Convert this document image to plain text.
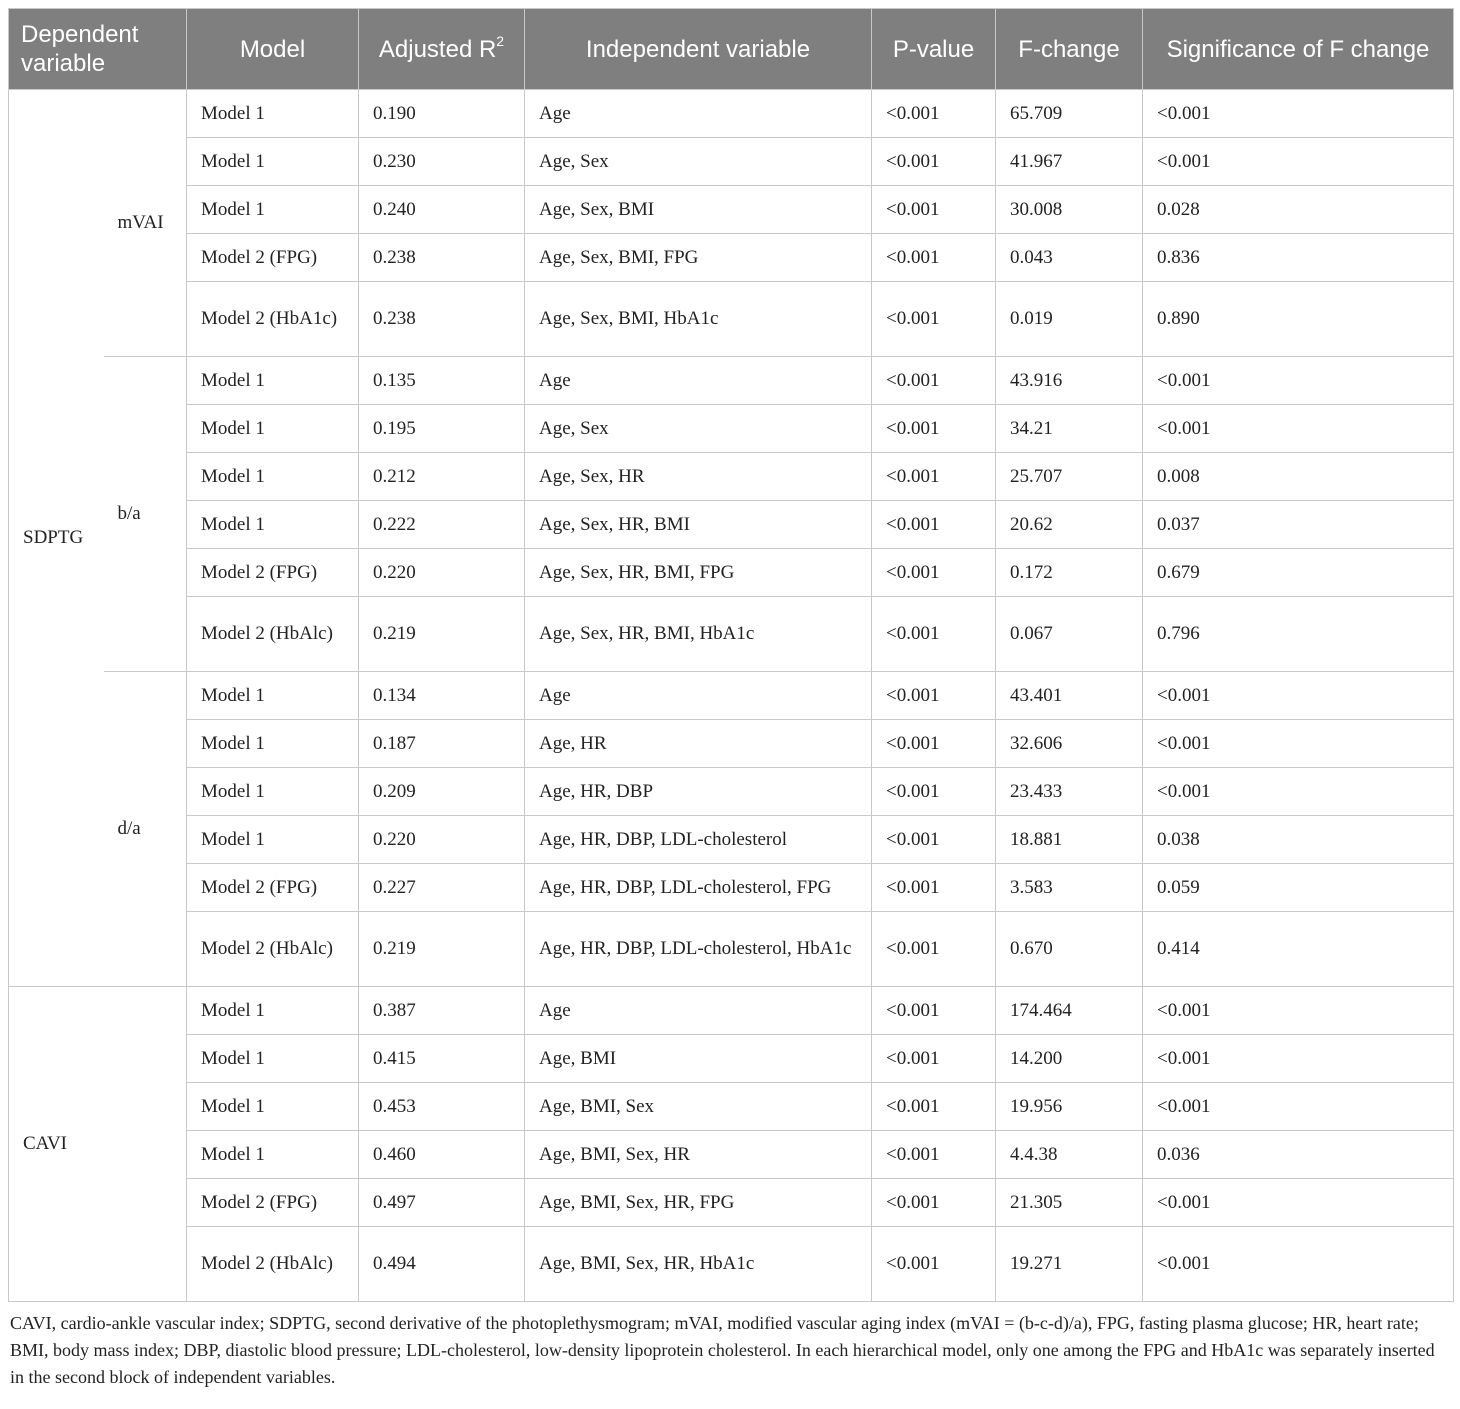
Dependent variable		Model	Adjusted $R^2$	Independent variable	P-value	F-change	Significance of F change
SDPTG	mVAI	Model 1	0.190	Age	<0.001	65.709	<0.001
		Model 1	0.230	Age, Sex	<0.001	41.967	<0.001
		Model 1	0.240	Age, Sex, BMI	<0.001	30.008	0.028
		Model 2 (FPG)	0.238	Age, Sex, BMI, FPG	<0.001	0.043	0.836
		Model 2 (HbA1c)	0.238	Age, Sex, BMI, HbA1c	<0.001	0.019	0.890
	b/a	Model 1	0.135	Age	<0.001	43.916	<0.001
		Model 1	0.195	Age, Sex	<0.001	34.21	<0.001
		Model 1	0.212	Age, Sex, HR	<0.001	25.707	0.008
		Model 1	0.222	Age, Sex, HR, BMI	<0.001	20.62	0.037
		Model 2 (FPG)	0.220	Age, Sex, HR, BMI, FPG	<0.001	0.172	0.679
		Model 2 (HbAlc)	0.219	Age, Sex, HR, BMI, HbA1c	<0.001	0.067	0.796
	d/a	Model 1	0.134	Age	<0.001	43.401	<0.001
		Model 1	0.187	Age, HR	<0.001	32.606	<0.001
		Model 1	0.209	Age, HR, DBP	<0.001	23.433	<0.001
		Model 1	0.220	Age, HR, DBP, LDL-cholesterol	<0.001	18.881	0.038
		Model 2 (FPG)	0.227	Age, HR, DBP, LDL-cholesterol, FPG	<0.001	3.583	0.059
		Model 2 (HbAlc)	0.219	Age, HR, DBP, LDL-cholesterol, HbA1c	<0.001	0.670	0.414
CAVI		Model 1	0.387	Age	<0.001	174.464	<0.001
		Model 1	0.415	Age, BMI	<0.001	14.200	<0.001
		Model 1	0.453	Age, BMI, Sex	<0.001	19.956	<0.001
		Model 1	0.460	Age, BMI, Sex, HR	<0.001	4.4.38	0.036
		Model 2 (FPG)	0.497	Age, BMI, Sex, HR, FPG	<0.001	21.305	<0.001
		Model 2 (HbAlc)	0.494	Age, BMI, Sex, HR, HbA1c	<0.001	19.271	<0.001

CAVI, cardio-ankle vascular index; SDPTG, second derivative of the photoplethysmogram; mVAI, modified vascular aging index (mVAI = (b-c-d)/a), FPG, fasting plasma glucose; HR, heart rate; BMI, body mass index; DBP, diastolic blood pressure; LDL-cholesterol, low-density lipoprotein cholesterol. In each hierarchical model, only one among the FPG and HbA1c was separately inserted in the second block of independent variables.
